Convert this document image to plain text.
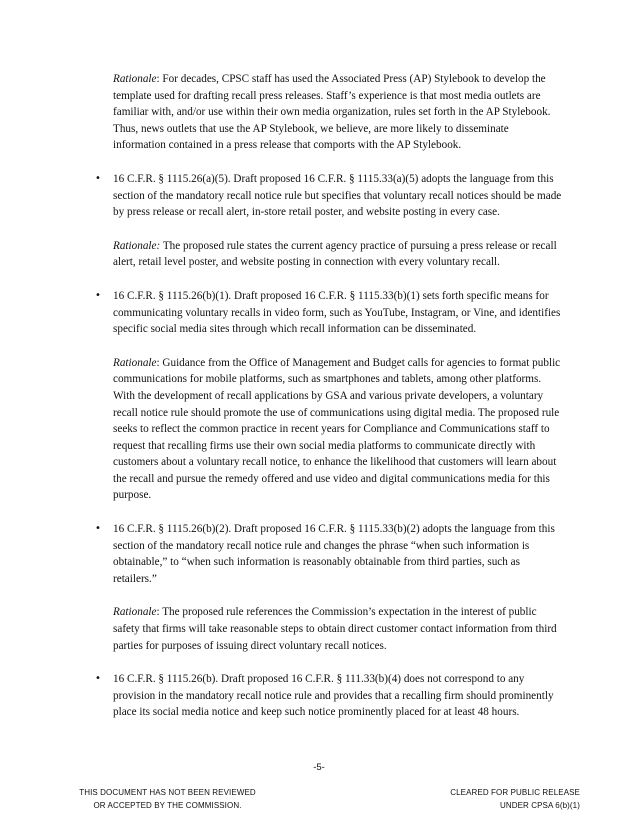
Rationale: For decades, CPSC staff has used the Associated Press (AP) Stylebook to develop the template used for drafting recall press releases. Staff’s experience is that most media outlets are familiar with, and/or use within their own media organization, rules set forth in the AP Stylebook. Thus, news outlets that use the AP Stylebook, we believe, are more likely to disseminate information contained in a press release that comports with the AP Stylebook.

• 16 C.F.R. § 1115.26(a)(5). Draft proposed 16 C.F.R. § 1115.33(a)(5) adopts the language from this section of the mandatory recall notice rule but specifies that voluntary recall notices should be made by press release or recall alert, in-store retail poster, and website posting in every case.

Rationale: The proposed rule states the current agency practice of pursuing a press release or recall alert, retail level poster, and website posting in connection with every voluntary recall.

• 16 C.F.R. § 1115.26(b)(1). Draft proposed 16 C.F.R. § 1115.33(b)(1) sets forth specific means for communicating voluntary recalls in video form, such as YouTube, Instagram, or Vine, and identifies specific social media sites through which recall information can be disseminated.

Rationale: Guidance from the Office of Management and Budget calls for agencies to format public communications for mobile platforms, such as smartphones and tablets, among other platforms. With the development of recall applications by GSA and various private developers, a voluntary recall notice rule should promote the use of communications using digital media. The proposed rule seeks to reflect the common practice in recent years for Compliance and Communications staff to request that recalling firms use their own social media platforms to communicate directly with customers about a voluntary recall notice, to enhance the likelihood that customers will learn about the recall and pursue the remedy offered and use video and digital communications media for this purpose.

• 16 C.F.R. § 1115.26(b)(2). Draft proposed 16 C.F.R. § 1115.33(b)(2) adopts the language from this section of the mandatory recall notice rule and changes the phrase “when such information is obtainable,” to “when such information is reasonably obtainable from third parties, such as retailers.”

Rationale: The proposed rule references the Commission’s expectation in the interest of public safety that firms will take reasonable steps to obtain direct customer contact information from third parties for purposes of issuing direct voluntary recall notices.

• 16 C.F.R. § 1115.26(b). Draft proposed 16 C.F.R. § 111.33(b)(4) does not correspond to any provision in the mandatory recall notice rule and provides that a recalling firm should prominently place its social media notice and keep such notice prominently placed for at least 48 hours.
-5-
THIS DOCUMENT HAS NOT BEEN REVIEWED
OR ACCEPTED BY THE COMMISSION.
CLEARED FOR PUBLIC RELEASE
UNDER CPSA 6(b)(1)
